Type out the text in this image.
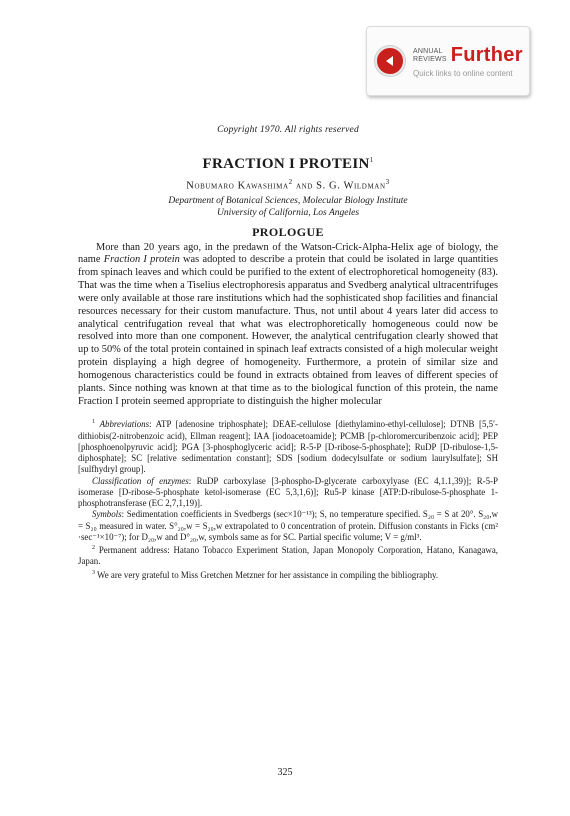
ANNUAL
REVIEWS Further
Quick links to online content
Copyright 1970. All rights reserved
FRACTION I PROTEIN$^1$
Nobumaro Kawashima$^2$ and S. G. Wildman$^3$
Department of Botanical Sciences, Molecular Biology Institute
University of California, Los Angeles
PROLOGUE

More than 20 years ago, in the predawn of the Watson-Crick-Alpha-Helix age of biology, the name Fraction I protein was adopted to describe a protein that could be isolated in large quantities from spinach leaves and which could be purified to the extent of electrophoretical homogeneity (83). That was the time when a Tiselius electrophoresis apparatus and Svedberg analytical ultracentrifuges were only available at those rare institutions which had the sophisticated shop facilities and financial resources necessary for their custom manufacture. Thus, not until about 4 years later did access to analytical centrifugation reveal that what was electrophoretically homogeneous could now be resolved into more than one component. However, the analytical centrifugation clearly showed that up to 50% of the total protein contained in spinach leaf extracts consisted of a high molecular weight protein displaying a high degree of homogeneity. Furthermore, a protein of similar size and homogenous characteristics could be found in extracts obtained from leaves of different species of plants. Since nothing was known at that time as to the biological function of this protein, the name Fraction I protein seemed appropriate to distinguish the higher molecular

$^1$ Abbreviations: ATP [adenosine triphosphate]; DEAE-cellulose [diethylamino-ethyl-cellulose]; DTNB [5,5′-dithiobis(2-nitrobenzoic acid), Ellman reagent]; IAA [iodoacetoamide]; PCMB [p-chloromercuribenzoic acid]; PEP [phosphoenolpyruvic acid]; PGA [3-phosphoglyceric acid]; R-5-P [D-ribose-5-phosphate]; RuDP [D-ribulose-1,5-diphosphate]; SC [relative sedimentation constant]; SDS [sodium dodecylsulfate or sodium laurylsulfate]; SH [sulfhydryl group].

Classification of enzymes: RuDP carboxylase [3-phospho-D-glycerate carboxylyase (EC 4,1.1,39)]; R-5-P isomerase [D-ribose-5-phosphate ketol-isomerase (EC 5,3,1,6)]; Ru5-P kinase [ATP:D-ribulose-5-phosphate 1-phosphotransferase (EC 2,7,1,19)].

Symbols: Sedimentation coefficients in Svedbergs (sec×10⁻¹³); S, no temperature specified. S₂₀ = S at 20°. S₂₀,w = S₂₀ measured in water. S°₂₀,w = S₂₀,w extrapolated to 0 concentration of protein. Diffusion constants in Ficks (cm² ·sec⁻¹×10⁻⁷); for D₂₀,w and D°₂₀,w, symbols same as for SC. Partial specific volume; V = g/ml³.

$^2$ Permanent address: Hatano Tobacco Experiment Station, Japan Monopoly Corporation, Hatano, Kanagawa, Japan.

$^3$ We are very grateful to Miss Gretchen Metzner for her assistance in compiling the bibliography.

325
